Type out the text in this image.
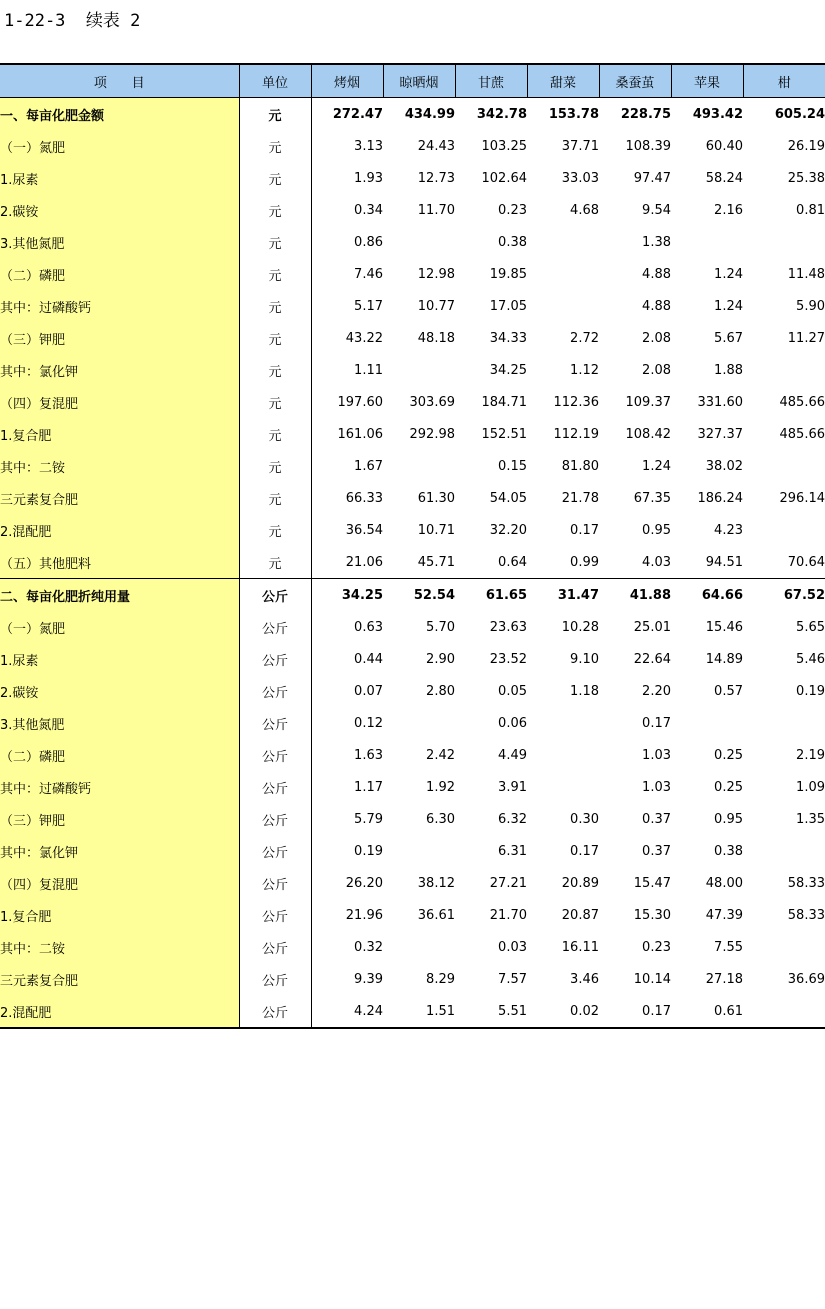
1-22-3  续表 2
项      目	单位	烤烟	晾晒烟	甘蔗	甜菜	桑蚕茧	苹果	柑
一、每亩化肥金额	元	272.47	434.99	342.78	153.78	228.75	493.42	605.24
（一）氮肥	元	3.13	24.43	103.25	37.71	108.39	60.40	26.19
1.尿素	元	1.93	12.73	102.64	33.03	97.47	58.24	25.38
2.碳铵	元	0.34	11.70	0.23	4.68	9.54	2.16	0.81
3.其他氮肥	元	0.86		0.38		1.38		
（二）磷肥	元	7.46	12.98	19.85		4.88	1.24	11.48
其中：过磷酸钙	元	5.17	10.77	17.05		4.88	1.24	5.90
（三）钾肥	元	43.22	48.18	34.33	2.72	2.08	5.67	11.27
其中：氯化钾	元	1.11		34.25	1.12	2.08	1.88	
（四）复混肥	元	197.60	303.69	184.71	112.36	109.37	331.60	485.66
1.复合肥	元	161.06	292.98	152.51	112.19	108.42	327.37	485.66
其中：二铵	元	1.67		0.15	81.80	1.24	38.02	
三元素复合肥	元	66.33	61.30	54.05	21.78	67.35	186.24	296.14
2.混配肥	元	36.54	10.71	32.20	0.17	0.95	4.23	
（五）其他肥料	元	21.06	45.71	0.64	0.99	4.03	94.51	70.64
二、每亩化肥折纯用量	公斤	34.25	52.54	61.65	31.47	41.88	64.66	67.52
（一）氮肥	公斤	0.63	5.70	23.63	10.28	25.01	15.46	5.65
1.尿素	公斤	0.44	2.90	23.52	9.10	22.64	14.89	5.46
2.碳铵	公斤	0.07	2.80	0.05	1.18	2.20	0.57	0.19
3.其他氮肥	公斤	0.12		0.06		0.17		
（二）磷肥	公斤	1.63	2.42	4.49		1.03	0.25	2.19
其中：过磷酸钙	公斤	1.17	1.92	3.91		1.03	0.25	1.09
（三）钾肥	公斤	5.79	6.30	6.32	0.30	0.37	0.95	1.35
其中：氯化钾	公斤	0.19		6.31	0.17	0.37	0.38	
（四）复混肥	公斤	26.20	38.12	27.21	20.89	15.47	48.00	58.33
1.复合肥	公斤	21.96	36.61	21.70	20.87	15.30	47.39	58.33
其中：二铵	公斤	0.32		0.03	16.11	0.23	7.55	
三元素复合肥	公斤	9.39	8.29	7.57	3.46	10.14	27.18	36.69
2.混配肥	公斤	4.24	1.51	5.51	0.02	0.17	0.61	
